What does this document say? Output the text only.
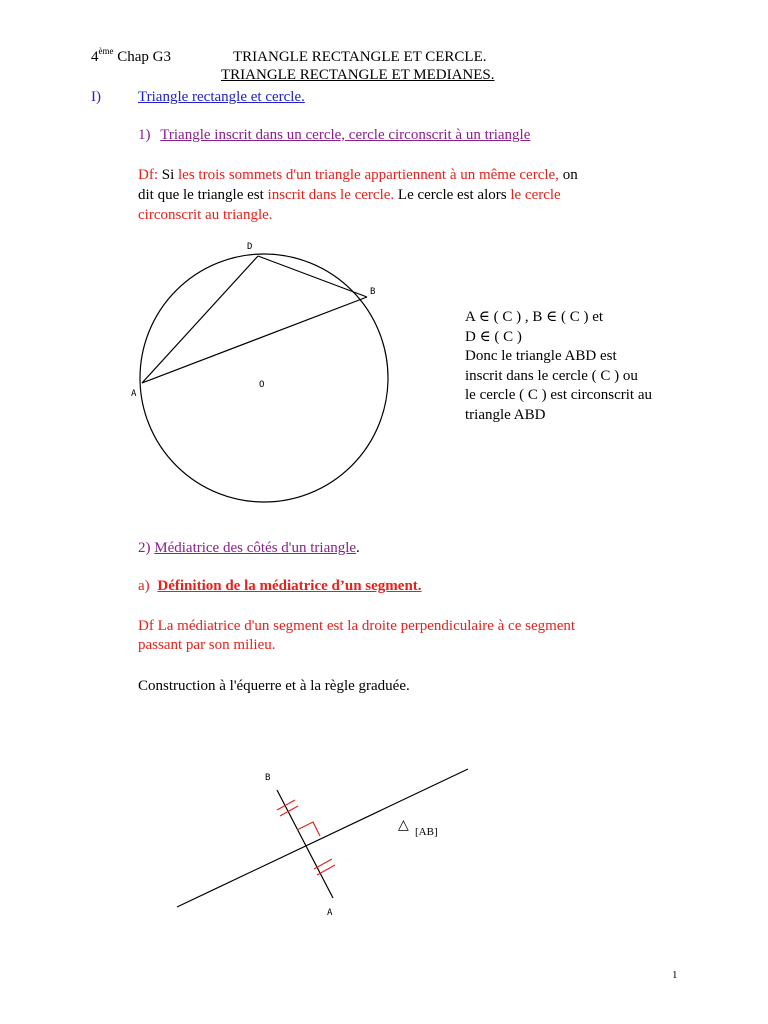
4ème Chap G3	TRIANGLE RECTANGLE ET CERCLE.
TRIANGLE RECTANGLE ET MEDIANES.
I) Triangle rectangle et cercle.
1) Triangle inscrit dans un cercle, cercle circonscrit à un triangle
Df: Si les trois sommets d'un triangle appartiennent à un même cercle, on
dit que le triangle est inscrit dans le cercle. Le cercle est alors le cercle
circonscrit au triangle.
D
B
A
O
A ∈ ( C ) , B ∈ ( C ) et
D ∈ ( C )
Donc le triangle ABD est
inscrit dans le cercle ( C ) ou
le cercle ( C ) est circonscrit au
triangle ABD
2) Médiatrice des côtés d'un triangle.
a) Définition de la médiatrice d’un segment.
Df La médiatrice d'un segment est la droite perpendiculaire à ce segment
passant par son milieu.
Construction à l'équerre et à la règle graduée.
B
A
△ [AB]
1
